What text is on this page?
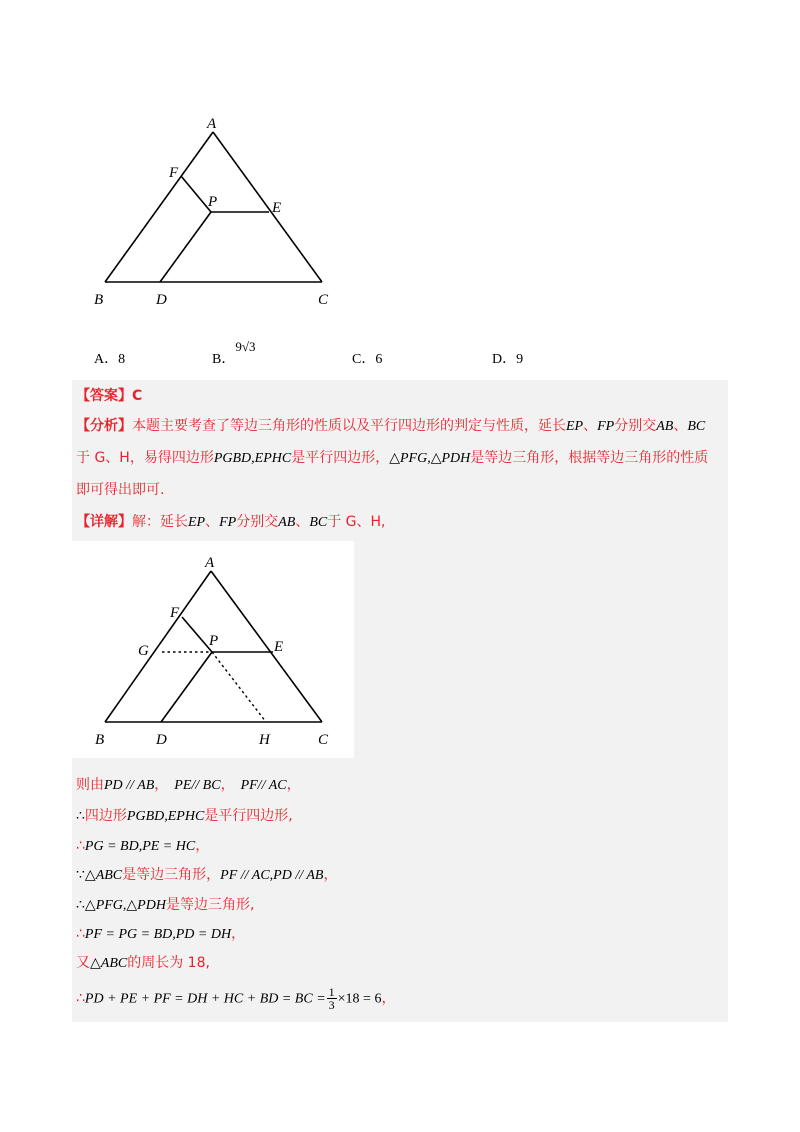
A
F
P	E
B	D	C
A．8	B．9√3
C．6	D．9
【答案】C
【分析】本题主要考查了等边三角形的性质以及平行四边形的判定与性质，延长EP、FP分别交AB、BC
于 G、H，易得四边形PGBD,EPHC是平行四边形，△PFG,△PDH是等边三角形，根据等边三角形的性质
即可得出即可.
【详解】解：延长EP、FP分别交AB、BC于 G、H,
A
F
P	E
G
B	D	H	C
则由PD // AB， PE// BC， PF// AC，
∴四边形PGBD,EPHC是平行四边形,
∴PG = BD,PE = HC，
∵△ABC是等边三角形，PF // AC,PD // AB，
∴△PFG,△PDH是等边三角形,
∴PF = PG = BD,PD = DH，
又△ABC的周长为 18,
∴PD + PE + PF = DH + HC + BD = BC = $\frac{1}{3} \times 18 = 6$，
